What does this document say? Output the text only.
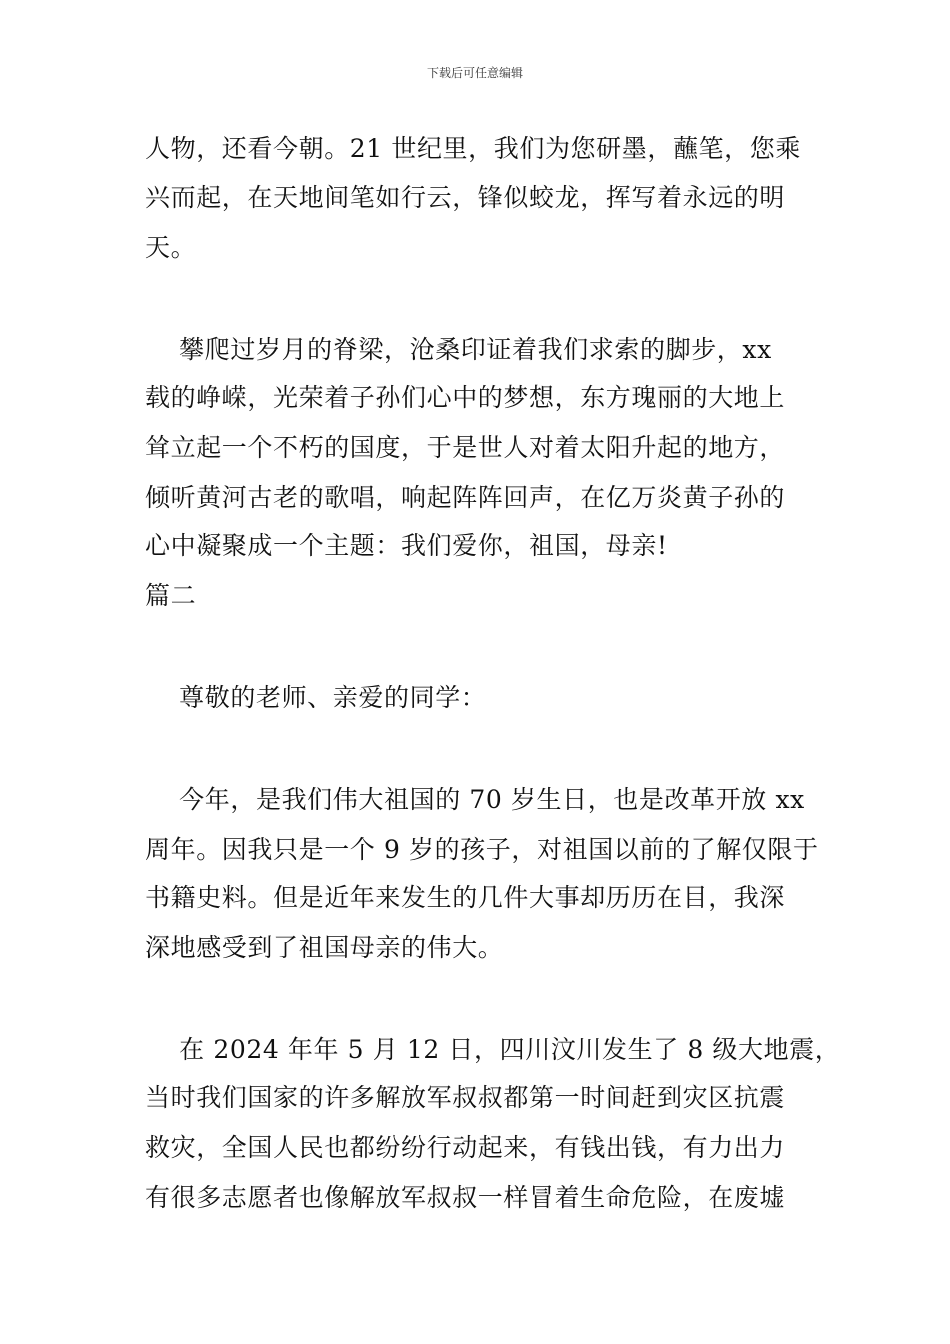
下载后可任意编辑
人物，还看今朝。21 世纪里，我们为您研墨，蘸笔，您乘
兴而起，在天地间笔如行云，锋似蛟龙，挥写着永远的明
天。
攀爬过岁月的脊梁，沧桑印证着我们求索的脚步，xx
载的峥嵘，光荣着子孙们心中的梦想，东方瑰丽的大地上
耸立起一个不朽的国度，于是世人对着太阳升起的地方，
倾听黄河古老的歌唱，响起阵阵回声，在亿万炎黄子孙的
心中凝聚成一个主题：我们爱你，祖国，母亲!
篇二
尊敬的老师、亲爱的同学：
今年，是我们伟大祖国的 70 岁生日，也是改革开放 xx
周年。因我只是一个 9 岁的孩子，对祖国以前的了解仅限于
书籍史料。但是近年来发生的几件大事却历历在目，我深
深地感受到了祖国母亲的伟大。
在 2024 年年 5 月 12 日，四川汶川发生了 8 级大地震，
当时我们国家的许多解放军叔叔都第一时间赶到灾区抗震
救灾，全国人民也都纷纷行动起来，有钱出钱，有力出力
有很多志愿者也像解放军叔叔一样冒着生命危险，在废墟
